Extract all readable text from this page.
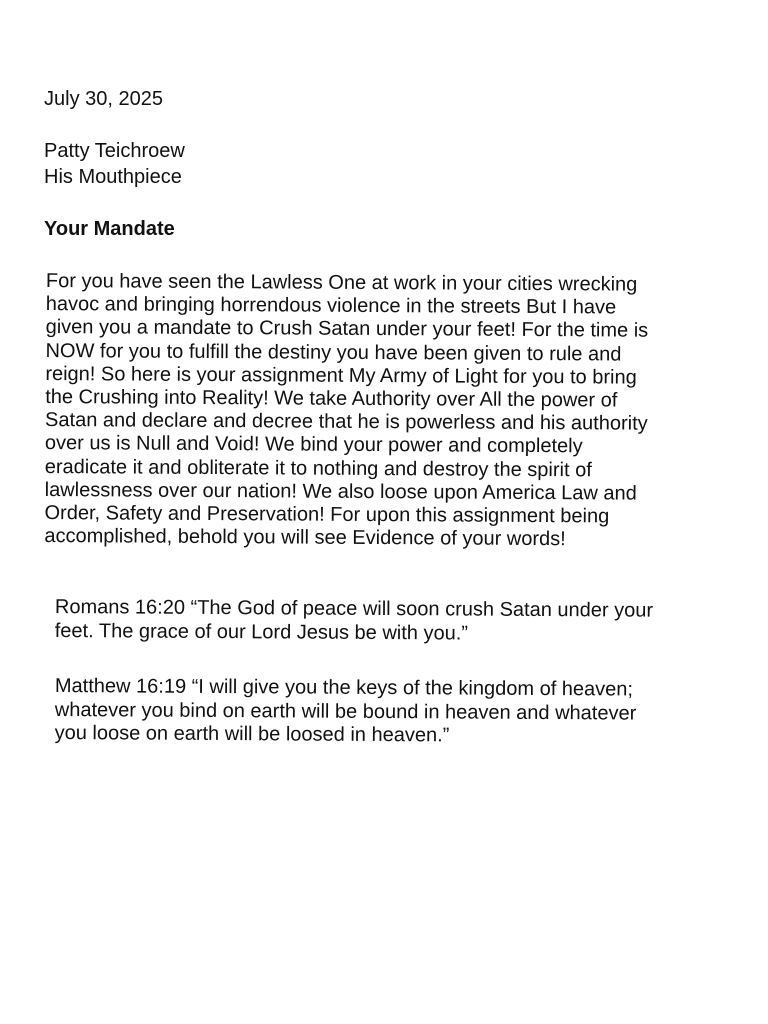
July 30, 2025
Patty Teichroew
His Mouthpiece
Your Mandate
For you have seen the Lawless One at work in your cities wrecking
havoc and bringing horrendous violence in the streets But I have
given you a mandate to Crush Satan under your feet! For the time is
NOW for you to fulfill the destiny you have been given to rule and
reign! So here is your assignment My Army of Light for you to bring
the Crushing into Reality! We take Authority over All the power of
Satan and declare and decree that he is powerless and his authority
over us is Null and Void! We bind your power and completely
eradicate it and obliterate it to nothing and destroy the spirit of
lawlessness over our nation! We also loose upon America Law and
Order, Safety and Preservation! For upon this assignment being
accomplished, behold you will see Evidence of your words!
Romans 16:20 “The God of peace will soon crush Satan under your
feet. The grace of our Lord Jesus be with you.”
Matthew 16:19 “I will give you the keys of the kingdom of heaven;
whatever you bind on earth will be bound in heaven and whatever
you loose on earth will be loosed in heaven.”
